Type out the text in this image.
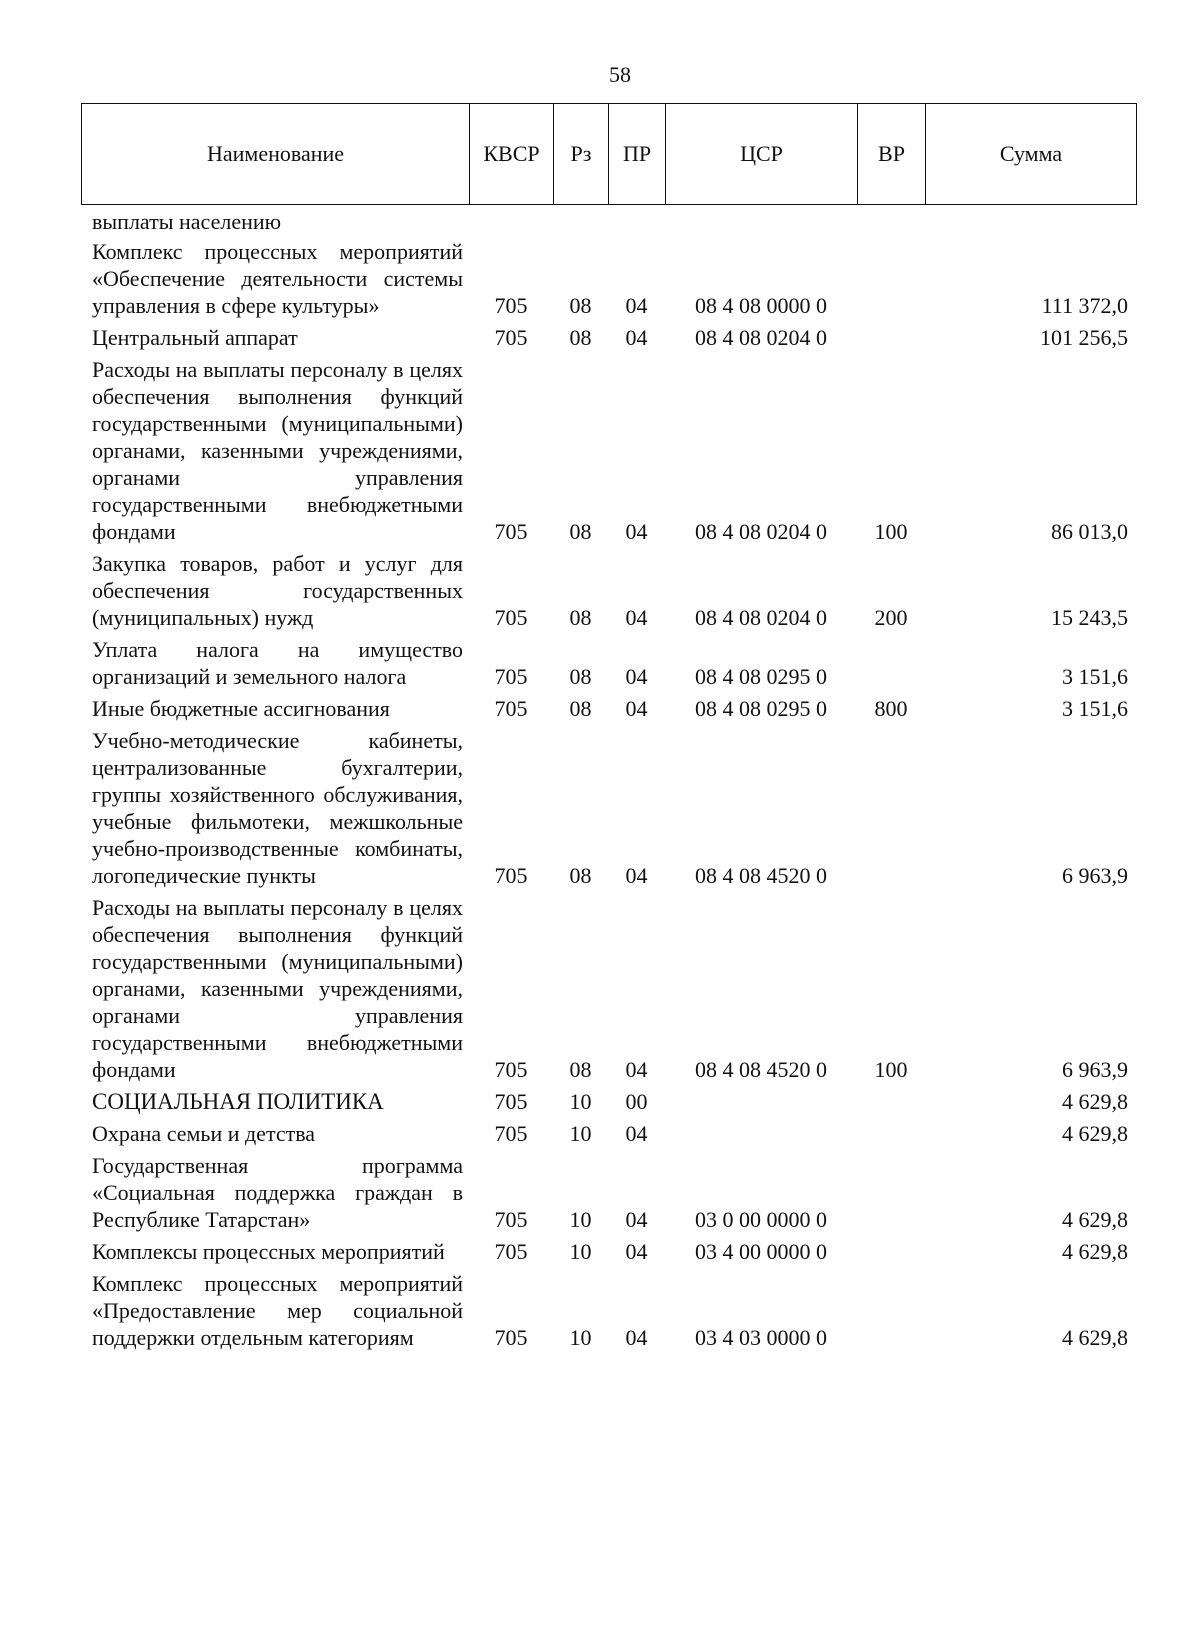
58
Наименование	КВСР	Рз	ПР	ЦСР	ВР	Сумма
выплаты населению						
Комплекс процессных мероприятий «Обеспечение деятельности системы управления в сфере культуры»	705	08	04	08 4 08 0000 0		111 372,0
Центральный аппарат	705	08	04	08 4 08 0204 0		101 256,5
Расходы на выплаты персоналу в целях обеспечения выполнения функций государственными (муниципальными) органами, казенными учреждениями, органами управления государственными внебюджетными фондами	705	08	04	08 4 08 0204 0	100	86 013,0
Закупка товаров, работ и услуг для обеспечения государственных (муниципальных) нужд	705	08	04	08 4 08 0204 0	200	15 243,5
Уплата налога на имущество организаций и земельного налога	705	08	04	08 4 08 0295 0		3 151,6
Иные бюджетные ассигнования	705	08	04	08 4 08 0295 0	800	3 151,6
Учебно-методические кабинеты, централизованные бухгалтерии, группы хозяйственного обслуживания, учебные фильмотеки, межшкольные учебно-производственные комбинаты, логопедические пункты	705	08	04	08 4 08 4520 0		6 963,9
Расходы на выплаты персоналу в целях обеспечения выполнения функций государственными (муниципальными) органами, казенными учреждениями, органами управления государственными внебюджетными фондами	705	08	04	08 4 08 4520 0	100	6 963,9
СОЦИАЛЬНАЯ ПОЛИТИКА	705	10	00			4 629,8
Охрана семьи и детства	705	10	04			4 629,8
Государственная программа «Социальная поддержка граждан в Республике Татарстан»	705	10	04	03 0 00 0000 0		4 629,8
Комплексы процессных мероприятий	705	10	04	03 4 00 0000 0		4 629,8
Комплекс процессных мероприятий «Предоставление мер социальной поддержки отдельным категориям	705	10	04	03 4 03 0000 0		4 629,8
